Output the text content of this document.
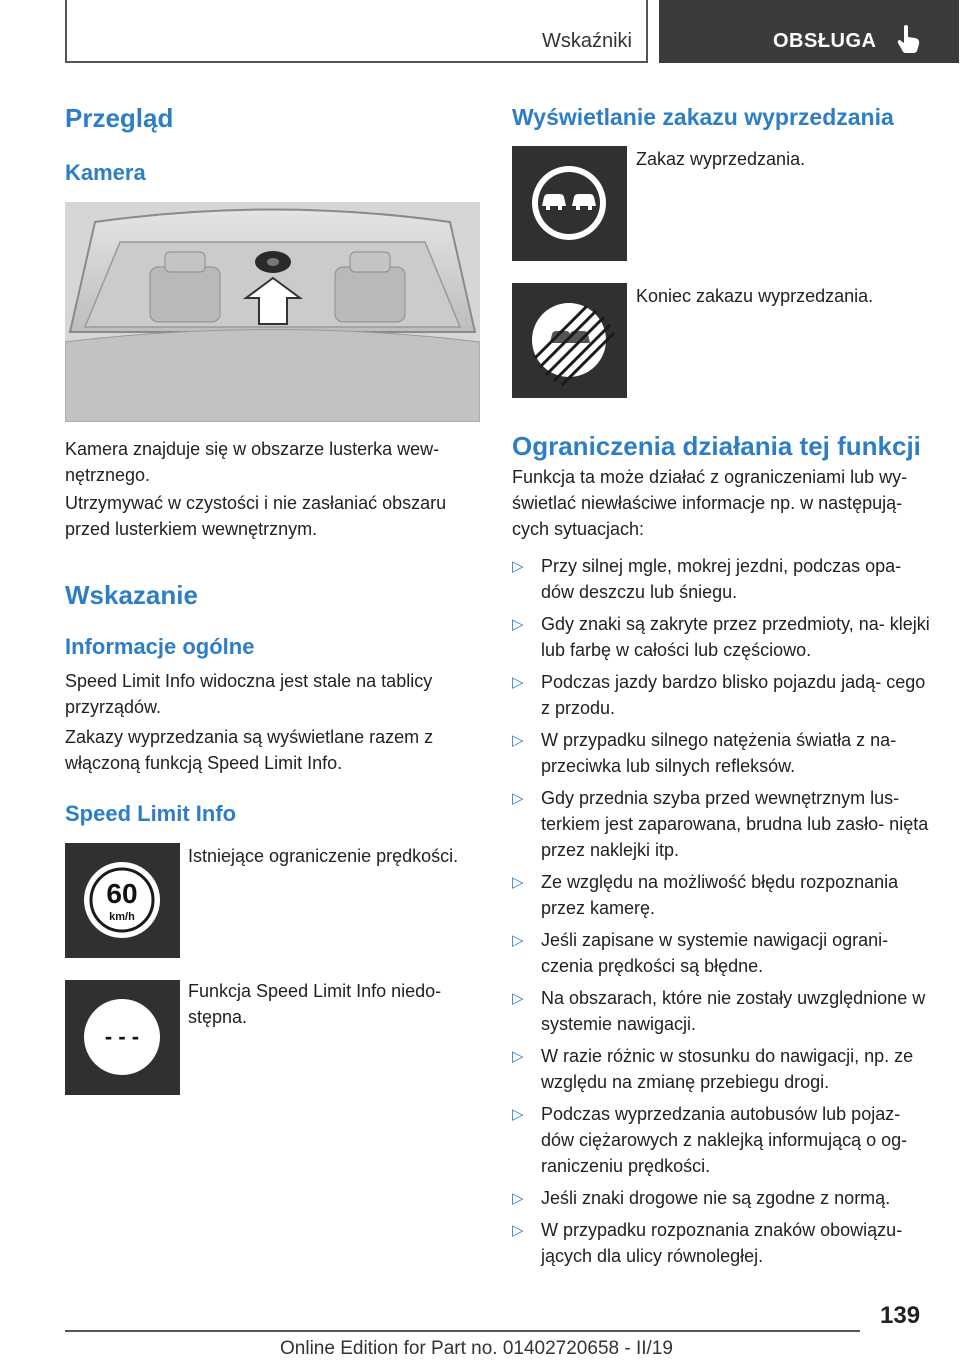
Wskaźniki	OBSŁUGA
Przegląd
Kamera
Kamera znajduje się w obszarze lusterka wew- nętrznego.
Utrzymywać w czystości i nie zasłaniać obszaru przed lusterkiem wewnętrznym.
Wskazanie
Informacje ogólne
Speed Limit Info widoczna jest stale na tablicy przyrządów.
Zakazy wyprzedzania są wyświetlane razem z włączoną funkcją Speed Limit Info.
Speed Limit Info
60
km/h
Istniejące ograniczenie prędkości.
- - -
Funkcja Speed Limit Info niedo- stępna.
Wyświetlanie zakazu wyprzedzania
Zakaz wyprzedzania.
Koniec zakazu wyprzedzania.
Ograniczenia działania tej funkcji
Funkcja ta może działać z ograniczeniami lub wy- świetlać niewłaściwe informacje np. w następują- cych sytuacjach:
▷ Przy silnej mgle, mokrej jezdni, podczas opa- dów deszczu lub śniegu.
▷ Gdy znaki są zakryte przez przedmioty, na- klejki lub farbę w całości lub częściowo.
▷ Podczas jazdy bardzo blisko pojazdu jadą- cego z przodu.
▷ W przypadku silnego natężenia światła z na- przeciwka lub silnych refleksów.
▷ Gdy przednia szyba przed wewnętrznym lus- terkiem jest zaparowana, brudna lub zasło- nięta przez naklejki itp.
▷ Ze względu na możliwość błędu rozpoznania przez kamerę.
▷ Jeśli zapisane w systemie nawigacji ograni- czenia prędkości są błędne.
▷ Na obszarach, które nie zostały uwzględnione w systemie nawigacji.
▷ W razie różnic w stosunku do nawigacji, np. ze względu na zmianę przebiegu drogi.
▷ Podczas wyprzedzania autobusów lub pojaz- dów ciężarowych z naklejką informującą o og- raniczeniu prędkości.
▷ Jeśli znaki drogowe nie są zgodne z normą.
▷ W przypadku rozpoznania znaków obowiązu- jących dla ulicy równoległej.
139
Online Edition for Part no. 01402720658 - II/19
